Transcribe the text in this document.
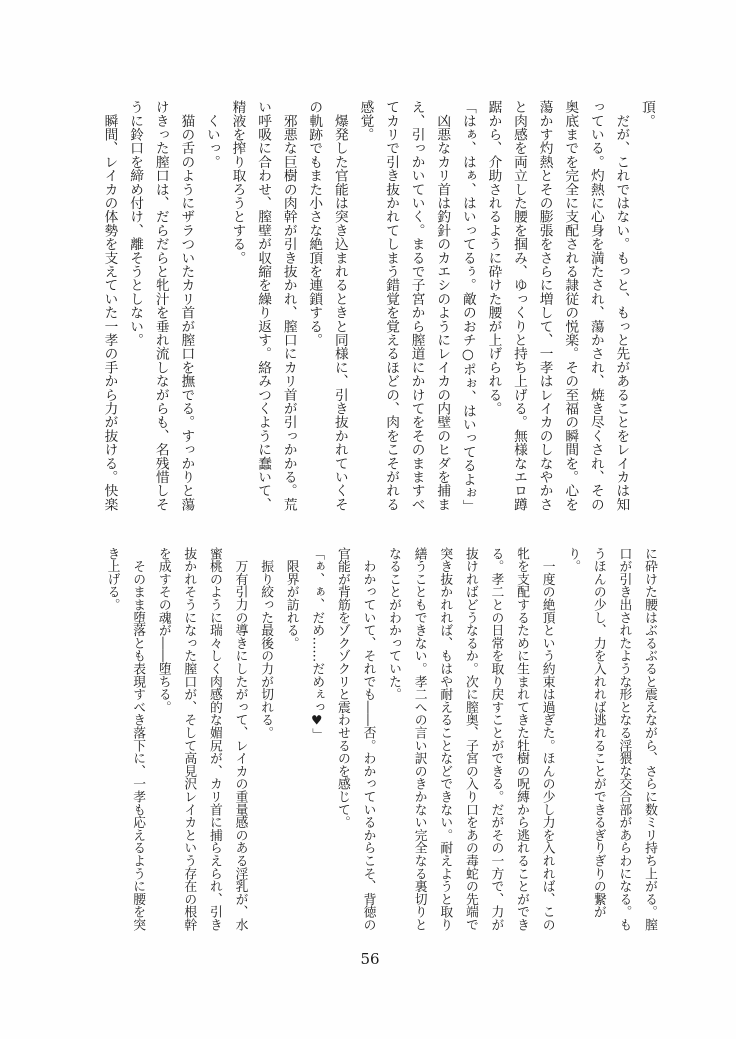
頂。
　だが、これではない。もっと、もっと先があることをレイカは知
っている。灼熱に心身を満たされ、蕩かされ、焼き尽くされ、その
奥底までを完全に支配される隷従の悦楽。その至福の瞬間を。心を
蕩かす灼熱とその膨張をさらに増して、一孝はレイカのしなやかさ
と肉感を両立した腰を掴み、ゆっくりと持ち上げる。無様なエロ蹲
踞から、介助されるように砕けた腰が上げられる。
「はぁ、はぁ、はいってるぅ。敵のおチ○ポぉ、はいってるよぉ」
　凶悪なカリ首は釣針のカエシのようにレイカの内壁のヒダを捕ま
え、引っかいていく。まるで子宮から膣道にかけてをそのまますべ
てカリで引き抜かれてしまう錯覚を覚えるほどの、肉をこそがれる
感覚。
　爆発した官能は突き込まれるときと同様に、引き抜かれていくそ
の軌跡でもまた小さな絶頂を連鎖する。
　邪悪な巨樹の肉幹が引き抜かれ、膣口にカリ首が引っかかる。荒
い呼吸に合わせ、膣壁が収縮を繰り返す。絡みつくように蠢いて、
精液を搾り取ろうとする。
　くいっ。
　猫の舌のようにザラついたカリ首が膣口を撫でる。すっかりと蕩
けきった膣口は、だらだらと牝汁を垂れ流しながらも、名残惜しそ
うに鈴口を締め付け、離そうとしない。
　瞬間、レイカの体勢を支えていた一孝の手から力が抜ける。快楽
に砕けた腰はぶるぶると震えながら、さらに数ミリ持ち上がる。膣
口が引き出されたような形となる淫猥な交合部があらわになる。も
うほんの少し、力を入れれば逃れることができるぎりぎりの繋が
り。
　一度の絶頂という約束は過ぎた。ほんの少し力を入れれば、この
牝を支配するために生まれてきた牡樹の呪縛から逃れることができ
る。孝二との日常を取り戻すことができる。だがその一方で、力が
抜ければどうなるか。次に膣奥、子宮の入り口をあの毒蛇の先端で
突き抜かれれば、もはや耐えることなどできない。耐えようと取り
繕うこともできない。孝二への言い訳のきかない完全なる裏切りと
なることがわかっていた。
　わかっていて、それでも――否。わかっているからこそ、背徳の
官能が背筋をゾクゾクリと震わせるのを感じて。
「ぁ、ぁ、だめ……だめぇっ♥」
　限界が訪れる。
　振り絞った最後の力が切れる。
　万有引力の導きにしたがって、レイカの重量感のある淫乳が、水
蜜桃のように瑞々しく肉感的な媚尻が、カリ首に捕らえられ、引き
抜かれそうになった膣口が、そして高見沢レイカという存在の根幹
を成すその魂が――堕ちる。
　そのまま堕落とも表現すべき落下に、一孝も応えるように腰を突
き上げる。
56
